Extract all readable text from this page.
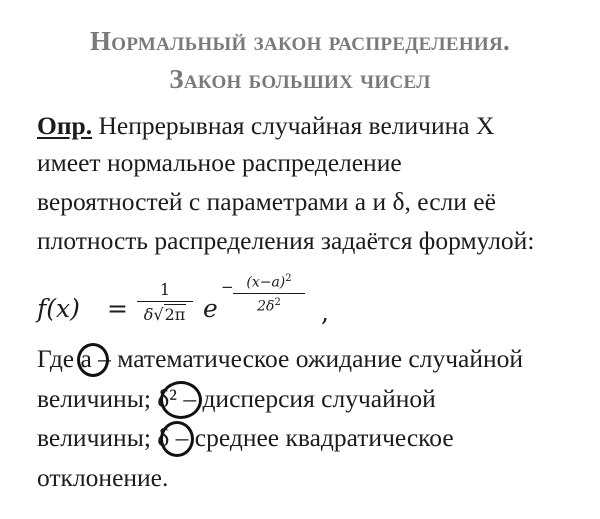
Нормальный закон распределения.
Закон больших чисел
Опр. Непрерывная случайная величина X
имеет нормальное распределение
вероятностей с параметрами a и δ, если её
плотность распределения задаётся формулой:
f(x) =
1
δ√2π e
− $(x-a)^2$
$2\delta^2$	,
Где a – математическое ожидание случайной
величины; δ² – дисперсия случайной
величины; δ – среднее квадратическое
отклонение.
